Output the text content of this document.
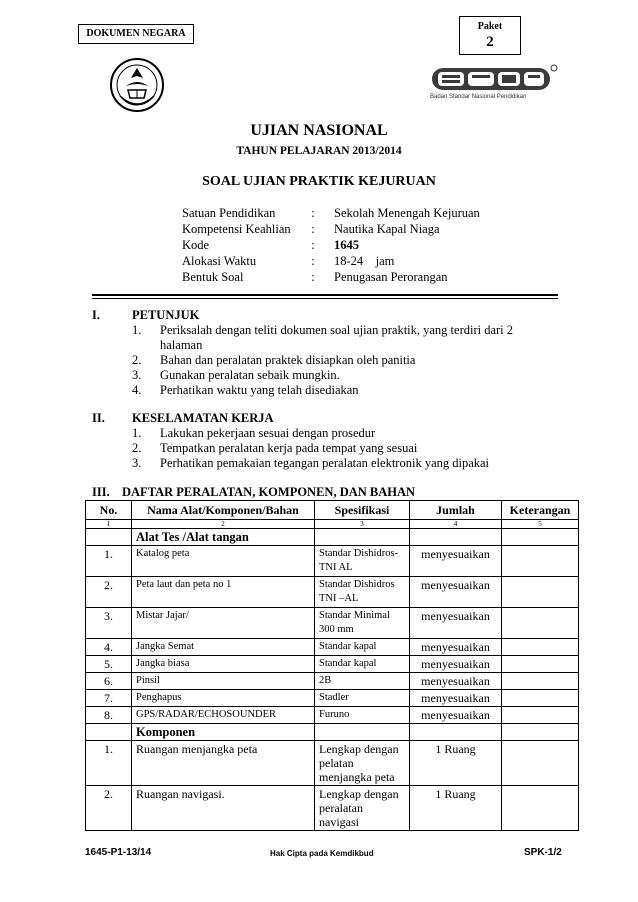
DOKUMEN NEGARA
Paket
2
Badan Standar Nasional Pendidikan
UJIAN NASIONAL
TAHUN PELAJARAN 2013/2014
SOAL UJIAN PRAKTIK KEJURUAN
Satuan Pendidikan	:	Sekolah Menengah Kejuruan
Kompetensi Keahlian	:	Nautika Kapal Niaga
Kode	:	1645
Alokasi Waktu	:	18-24    jam
Bentuk Soal	:	Penugasan Perorangan
I.	PETUNJUK
1.	Periksalah dengan teliti dokumen soal ujian praktik, yang terdiri dari 2 halaman
2.	Bahan dan peralatan praktek disiapkan oleh panitia
3.	Gunakan peralatan sebaik mungkin.
4.	Perhatikan waktu yang telah disediakan
II.	KESELAMATAN KERJA
1.	Lakukan pekerjaan sesuai dengan prosedur
2.	Tempatkan peralatan kerja pada tempat yang sesuai
3.	Perhatikan pemakaian tegangan peralatan elektronik yang dipakai
III. DAFTAR PERALATAN, KOMPONEN, DAN BAHAN
No.	Nama Alat/Komponen/Bahan	Spesifikasi	Jumlah	Keterangan
1	2	3	4	5
	Alat Tes /Alat tangan			
1.	Katalog peta	Standar Dishidros-TNI AL	menyesuaikan	
2.	Peta laut dan peta no 1	Standar Dishidros TNI –AL	menyesuaikan	
3.	Mistar Jajar/	Standar Minimal 300 mm	menyesuaikan	
4.	Jangka Semat	Standar kapal	menyesuaikan	
5.	Jangka biasa	Standar kapal	menyesuaikan	
6.	Pinsil	2B	menyesuaikan	
7.	Penghapus	Stadler	menyesuaikan	
8.	GPS/RADAR/ECHOSOUNDER	Furuno	menyesuaikan	
	Komponen			
1.	Ruangan menjangka peta	Lengkap dengan pelatan menjangka peta	1 Ruang	
2.	Ruangan navigasi.	Lengkap dengan peralatan navigasi	1 Ruang	
1645-P1-13/14	Hak Cipta pada Kemdikbud	SPK-1/2
